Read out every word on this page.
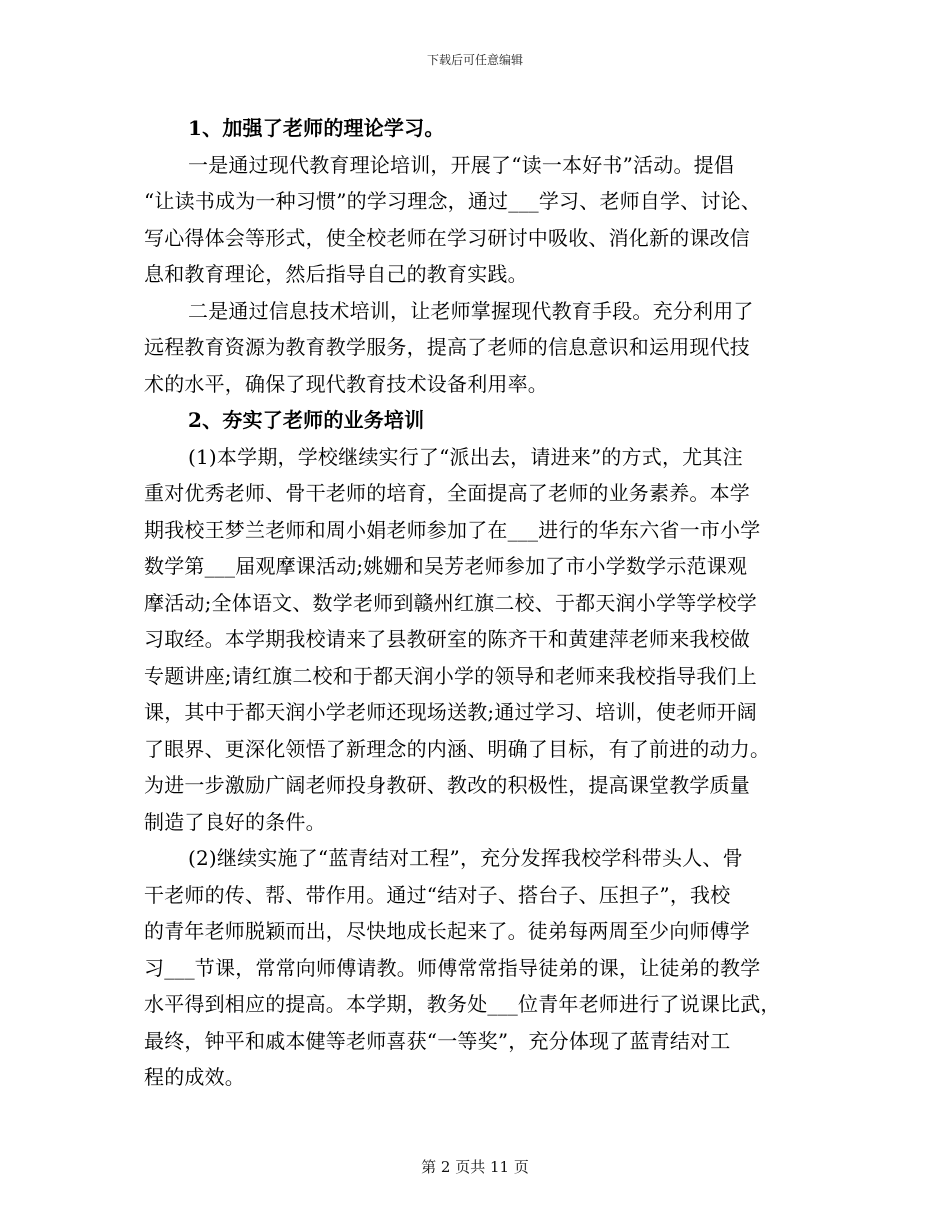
下载后可任意编辑

1、加强了老师的理论学习。

一是通过现代教育理论培训，开展了“读一本好书”活动。提倡

“让读书成为一种习惯”的学习理念，通过___学习、老师自学、讨论、

写心得体会等形式，使全校老师在学习研讨中吸收、消化新的课改信

息和教育理论，然后指导自己的教育实践。

二是通过信息技术培训，让老师掌握现代教育手段。充分利用了

远程教育资源为教育教学服务，提高了老师的信息意识和运用现代技

术的水平，确保了现代教育技术设备利用率。

2、夯实了老师的业务培训

(1)本学期，学校继续实行了“派出去，请进来”的方式，尤其注

重对优秀老师、骨干老师的培育，全面提高了老师的业务素养。本学

期我校王梦兰老师和周小娟老师参加了在___进行的华东六省一市小学

数学第___届观摩课活动;姚姗和吴芳老师参加了市小学数学示范课观

摩活动;全体语文、数学老师到赣州红旗二校、于都天润小学等学校学

习取经。本学期我校请来了县教研室的陈齐干和黄建萍老师来我校做

专题讲座;请红旗二校和于都天润小学的领导和老师来我校指导我们上

课，其中于都天润小学老师还现场送教;通过学习、培训，使老师开阔

了眼界、更深化领悟了新理念的内涵、明确了目标，有了前进的动力。

为进一步激励广阔老师投身教研、教改的积极性，提高课堂教学质量

制造了良好的条件。

(2)继续实施了“蓝青结对工程”，充分发挥我校学科带头人、骨

干老师的传、帮、带作用。通过“结对子、搭台子、压担子”，我校

的青年老师脱颖而出，尽快地成长起来了。徒弟每两周至少向师傅学

习___节课，常常向师傅请教。师傅常常指导徒弟的课，让徒弟的教学

水平得到相应的提高。本学期，教务处___位青年老师进行了说课比武，

最终，钟平和戚本健等老师喜获“一等奖”，充分体现了蓝青结对工

程的成效。

第 2 页共 11 页
